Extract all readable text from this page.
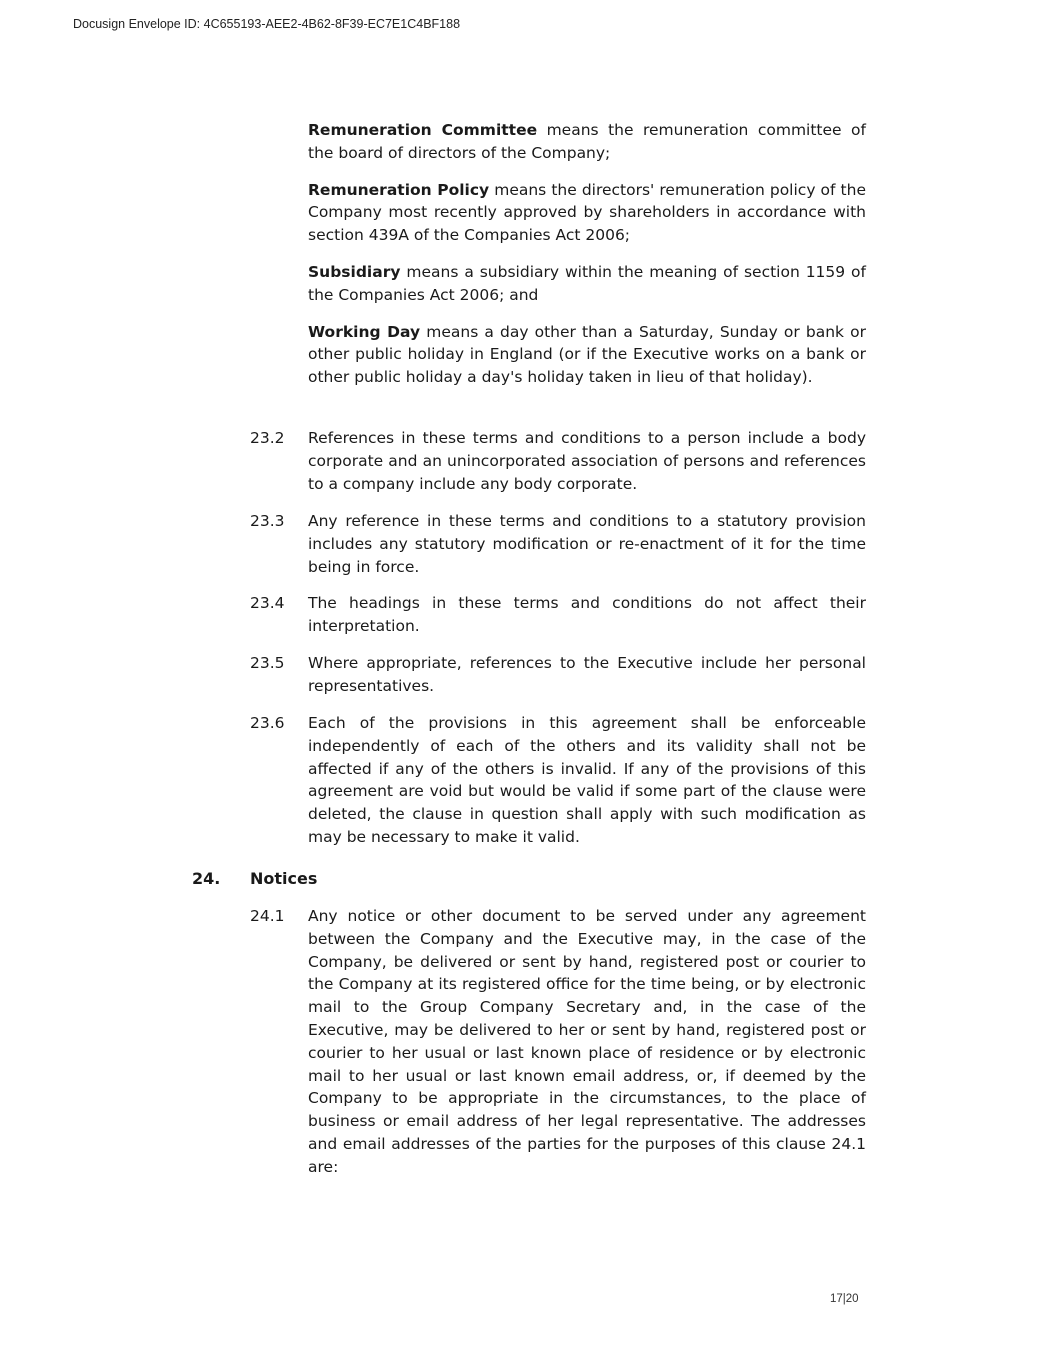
Docusign Envelope ID: 4C655193-AEE2-4B62-8F39-EC7E1C4BF188

Remuneration Committee means the remuneration committee of the board of directors of the Company;

Remuneration Policy means the directors' remuneration policy of the Company most recently approved by shareholders in accordance with section 439A of the Companies Act 2006;

Subsidiary means a subsidiary within the meaning of section 1159 of the Companies Act 2006; and

Working Day means a day other than a Saturday, Sunday or bank or other public holiday in England (or if the Executive works on a bank or other public holiday a day's holiday taken in lieu of that holiday).

23.2 References in these terms and conditions to a person include a body corporate and an unincorporated association of persons and references to a company include any body corporate.
23.3 Any reference in these terms and conditions to a statutory provision includes any statutory modification or re-enactment of it for the time being in force.
23.4 The headings in these terms and conditions do not affect their interpretation.
23.5 Where appropriate, references to the Executive include her personal representatives.
23.6 Each of the provisions in this agreement shall be enforceable independently of each of the others and its validity shall not be affected if any of the others is invalid. If any of the provisions of this agreement are void but would be valid if some part of the clause were deleted, the clause in question shall apply with such modification as may be necessary to make it valid.
24. Notices
24.1 Any notice or other document to be served under any agreement between the Company and the Executive may, in the case of the Company, be delivered or sent by hand, registered post or courier to the Company at its registered office for the time being, or by electronic mail to the Group Company Secretary and, in the case of the Executive, may be delivered to her or sent by hand, registered post or courier to her usual or last known place of residence or by electronic mail to her usual or last known email address, or, if deemed by the Company to be appropriate in the circumstances, to the place of business or email address of her legal representative. The addresses and email addresses of the parties for the purposes of this clause 24.1 are:
17|20
